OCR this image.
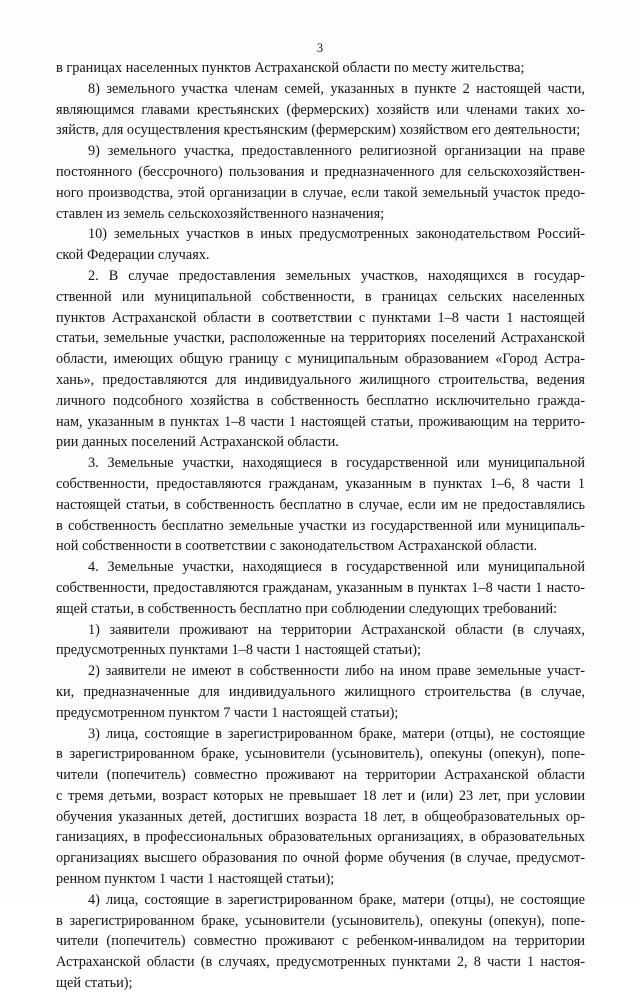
3
в границах населенных пунктов Астраханской области по месту жительства;
8) земельного участка членам семей, указанных в пункте 2 настоящей части,
являющимся главами крестьянских (фермерских) хозяйств или членами таких хо-
зяйств, для осуществления крестьянским (фермерским) хозяйством его деятельности;
9) земельного участка, предоставленного религиозной организации на праве
постоянного (бессрочного) пользования и предназначенного для сельскохозяйствен-
ного производства, этой организации в случае, если такой земельный участок предо-
ставлен из земель сельскохозяйственного назначения;
10) земельных участков в иных предусмотренных законодательством Россий-
ской Федерации случаях.
2. В случае предоставления земельных участков, находящихся в государ-
ственной или муниципальной собственности, в границах сельских населенных
пунктов Астраханской области в соответствии с пунктами 1–8 части 1 настоящей
статьи, земельные участки, расположенные на территориях поселений Астраханской
области, имеющих общую границу с муниципальным образованием «Город Астра-
хань», предоставляются для индивидуального жилищного строительства, ведения
личного подсобного хозяйства в собственность бесплатно исключительно гражда-
нам, указанным в пунктах 1–8 части 1 настоящей статьи, проживающим на террито-
рии данных поселений Астраханской области.
3. Земельные участки, находящиеся в государственной или муниципальной
собственности, предоставляются гражданам, указанным в пунктах 1–6, 8 части 1
настоящей статьи, в собственность бесплатно в случае, если им не предоставлялись
в собственность бесплатно земельные участки из государственной или муниципаль-
ной собственности в соответствии с законодательством Астраханской области.
4. Земельные участки, находящиеся в государственной или муниципальной
собственности, предоставляются гражданам, указанным в пунктах 1–8 части 1 насто-
ящей статьи, в собственность бесплатно при соблюдении следующих требований:
1) заявители проживают на территории Астраханской области (в случаях,
предусмотренных пунктами 1–8 части 1 настоящей статьи);
2) заявители не имеют в собственности либо на ином праве земельные участ-
ки, предназначенные для индивидуального жилищного строительства (в случае,
предусмотренном пунктом 7 части 1 настоящей статьи);
3) лица, состоящие в зарегистрированном браке, матери (отцы), не состоящие
в зарегистрированном браке, усыновители (усыновитель), опекуны (опекун), попе-
чители (попечитель) совместно проживают на территории Астраханской области
с тремя детьми, возраст которых не превышает 18 лет и (или) 23 лет, при условии
обучения указанных детей, достигших возраста 18 лет, в общеобразовательных ор-
ганизациях, в профессиональных образовательных организациях, в образовательных
организациях высшего образования по очной форме обучения (в случае, предусмот-
ренном пунктом 1 части 1 настоящей статьи);
4) лица, состоящие в зарегистрированном браке, матери (отцы), не состоящие
в зарегистрированном браке, усыновители (усыновитель), опекуны (опекун), попе-
чители (попечитель) совместно проживают с ребенком-инвалидом на территории
Астраханской области (в случаях, предусмотренных пунктами 2, 8 части 1 настоя-
щей статьи);
